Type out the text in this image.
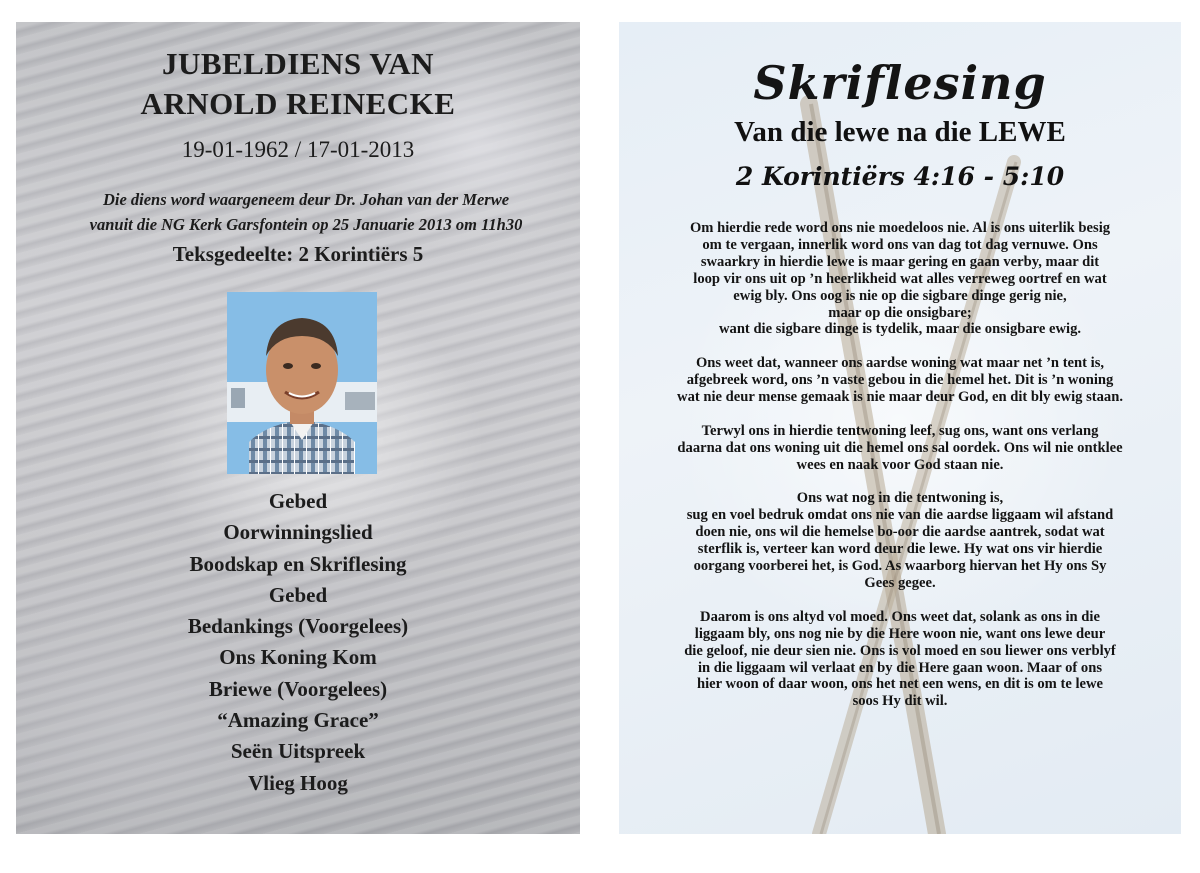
JUBELDIENS VAN
ARNOLD REINECKE
19-01-1962 / 17-01-2013
Die diens word waargeneem deur Dr. Johan van der Merwe
vanuit die NG Kerk Garsfontein op 25 Januarie 2013 om 11h30
Teksgedeelte: 2 Korintiërs 5
Gebed
Oorwinningslied
Boodskap en Skriflesing
Gebed
Bedankings (Voorgelees)
Ons Koning Kom
Briewe (Voorgelees)
“Amazing Grace”
Seën Uitspreek
Vlieg Hoog
Skriflesing
Van die lewe na die LEWE
2 Korintiërs 4:16 - 5:10

Om hierdie rede word ons nie moedeloos nie. Al is ons uiterlik besig
om te vergaan, innerlik word ons van dag tot dag vernuwe. Ons
swaarkry in hierdie lewe is maar gering en gaan verby, maar dit
loop vir ons uit op ’n heerlikheid wat alles verreweg oortref en wat
ewig bly. Ons oog is nie op die sigbare dinge gerig nie,
maar op die onsigbare;
want die sigbare dinge is tydelik, maar die onsigbare ewig.

Ons weet dat, wanneer ons aardse woning wat maar net ’n tent is,
afgebreek word, ons ’n vaste gebou in die hemel het. Dit is ’n woning
wat nie deur mense gemaak is nie maar deur God, en dit bly ewig staan.

Terwyl ons in hierdie tentwoning leef, sug ons, want ons verlang
daarna dat ons woning uit die hemel ons sal oordek. Ons wil nie ontklee
wees en naak voor God staan nie.

Ons wat nog in die tentwoning is,
sug en voel bedruk omdat ons nie van die aardse liggaam wil afstand
doen nie, ons wil die hemelse bo-oor die aardse aantrek, sodat wat
sterflik is, verteer kan word deur die lewe. Hy wat ons vir hierdie
oorgang voorberei het, is God. As waarborg hiervan het Hy ons Sy
Gees gegee.

Daarom is ons altyd vol moed. Ons weet dat, solank as ons in die
liggaam bly, ons nog nie by die Here woon nie, want ons lewe deur
die geloof, nie deur sien nie. Ons is vol moed en sou liewer ons verblyf
in die liggaam wil verlaat en by die Here gaan woon. Maar of ons
hier woon of daar woon, ons het net een wens, en dit is om te lewe
soos Hy dit wil.
